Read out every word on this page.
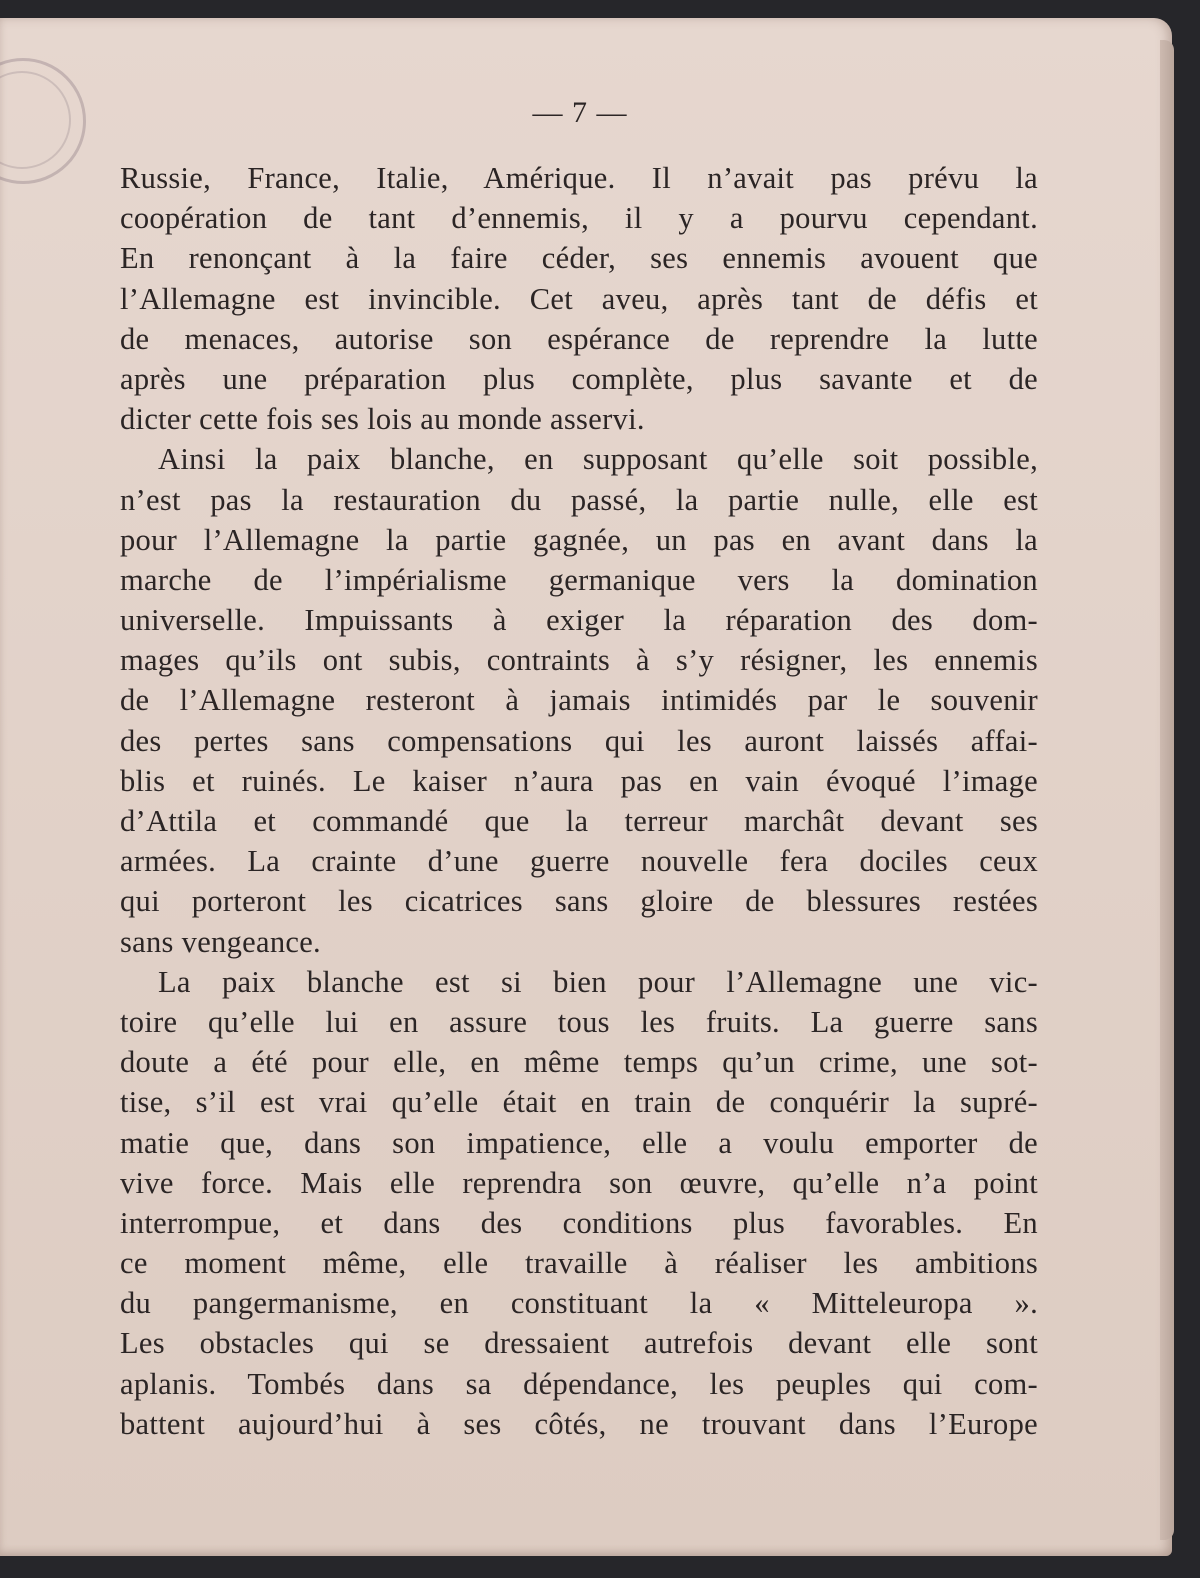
— 7 —
Russie, France, Italie, Amérique. Il n’avait pas prévu la
coopération de tant d’ennemis, il y a pourvu cependant.
En renonçant à la faire céder, ses ennemis avouent que
l’Allemagne est invincible. Cet aveu, après tant de défis et
de menaces, autorise son espérance de reprendre la lutte
après une préparation plus complète, plus savante et de
dicter cette fois ses lois au monde asservi.
Ainsi la paix blanche, en supposant qu’elle soit possible,
n’est pas la restauration du passé, la partie nulle, elle est
pour l’Allemagne la partie gagnée, un pas en avant dans la
marche de l’impérialisme germanique vers la domination
universelle. Impuissants à exiger la réparation des dom-
mages qu’ils ont subis, contraints à s’y résigner, les ennemis
de l’Allemagne resteront à jamais intimidés par le souvenir
des pertes sans compensations qui les auront laissés affai-
blis et ruinés. Le kaiser n’aura pas en vain évoqué l’image
d’Attila et commandé que la terreur marchât devant ses
armées. La crainte d’une guerre nouvelle fera dociles ceux
qui porteront les cicatrices sans gloire de blessures restées
sans vengeance.
La paix blanche est si bien pour l’Allemagne une vic-
toire qu’elle lui en assure tous les fruits. La guerre sans
doute a été pour elle, en même temps qu’un crime, une sot-
tise, s’il est vrai qu’elle était en train de conquérir la supré-
matie que, dans son impatience, elle a voulu emporter de
vive force. Mais elle reprendra son œuvre, qu’elle n’a point
interrompue, et dans des conditions plus favorables. En
ce moment même, elle travaille à réaliser les ambitions
du pangermanisme, en constituant la « Mitteleuropa ».
Les obstacles qui se dressaient autrefois devant elle sont
aplanis. Tombés dans sa dépendance, les peuples qui com-
battent aujourd’hui à ses côtés, ne trouvant dans l’Europe
